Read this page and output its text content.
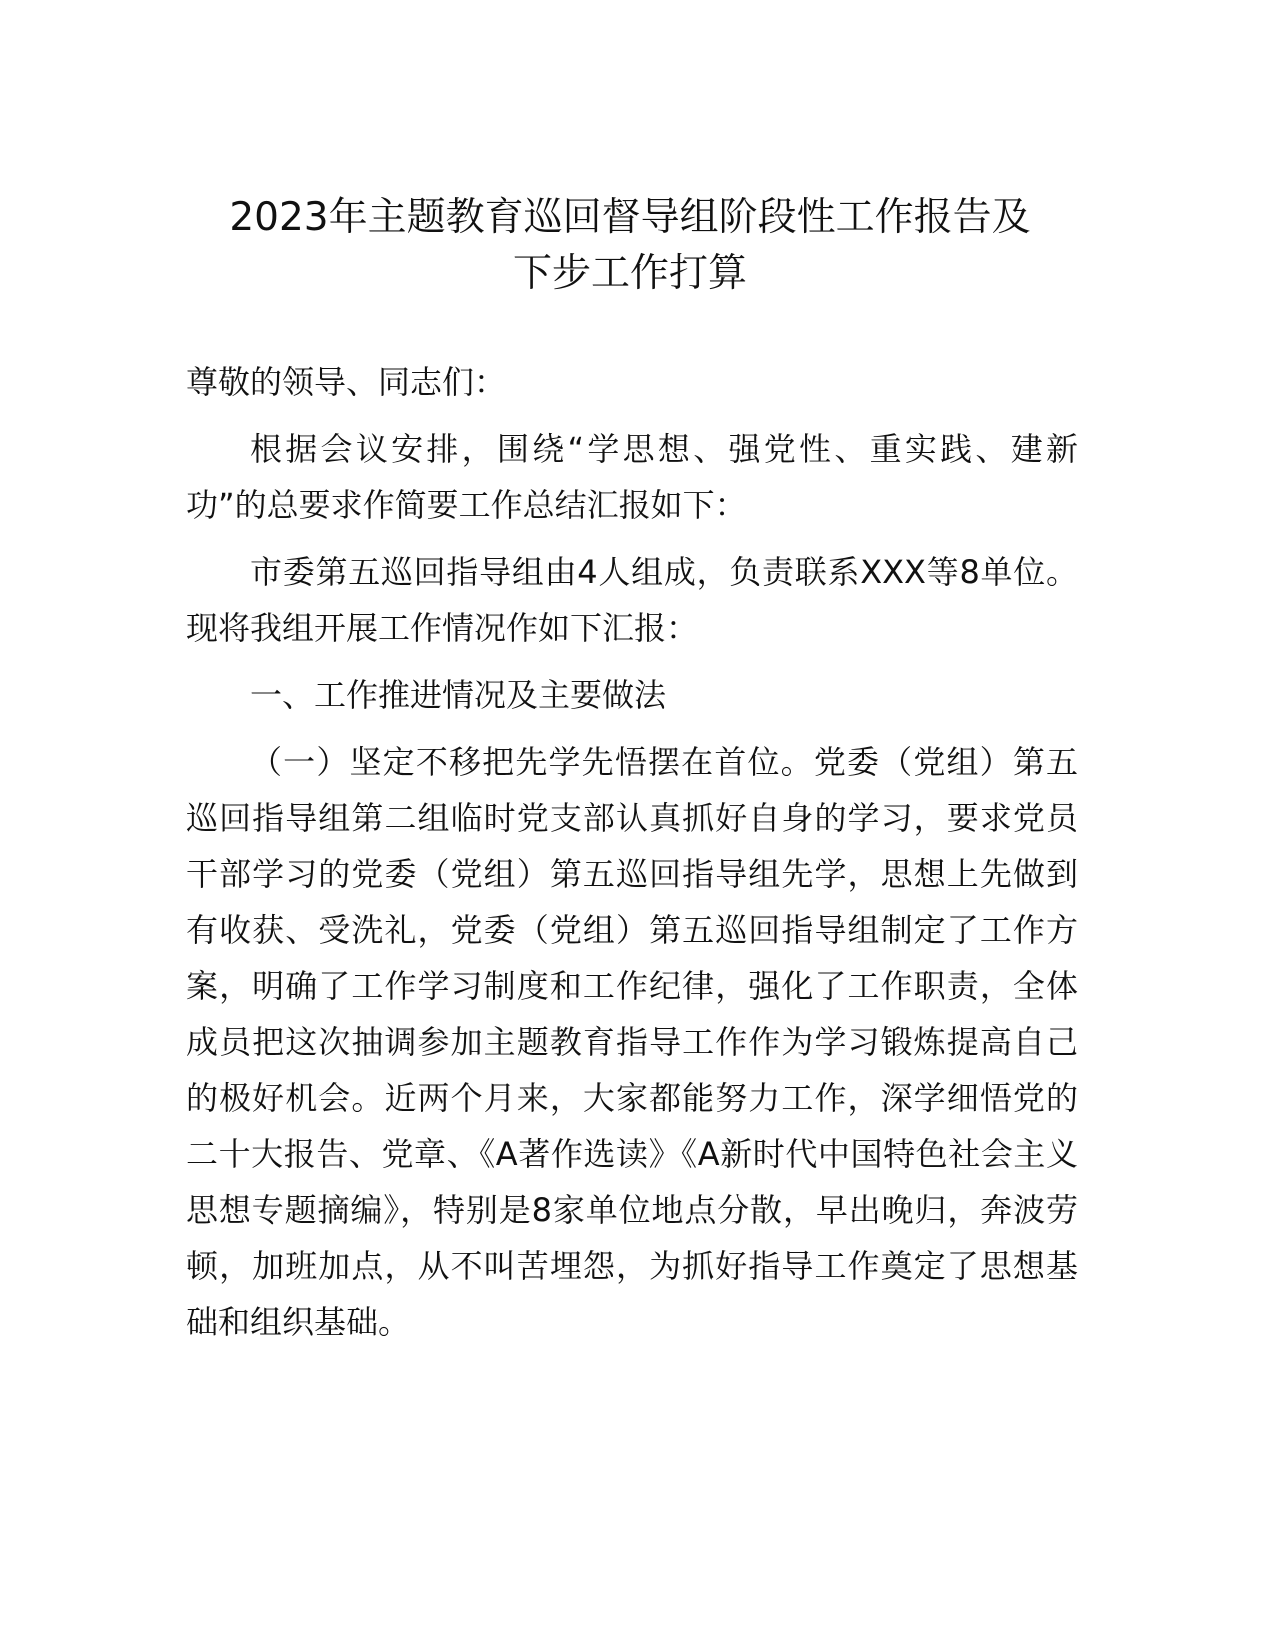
2023年主题教育巡回督导组阶段性工作报告及
下步工作打算

尊敬的领导、同志们：

根据会议安排，围绕“学思想、强党性、重实践、建新功”的总要求作简要工作总结汇报如下：

市委第五巡回指导组由4人组成，负责联系XXX等8单位。现将我组开展工作情况作如下汇报：

一、工作推进情况及主要做法

（一）坚定不移把先学先悟摆在首位。党委（党组）第五巡回指导组第二组临时党支部认真抓好自身的学习，要求党员干部学习的党委（党组）第五巡回指导组先学，思想上先做到有收获、受洗礼，党委（党组）第五巡回指导组制定了工作方案，明确了工作学习制度和工作纪律，强化了工作职责，全体成员把这次抽调参加主题教育指导工作作为学习锻炼提高自己的极好机会。近两个月来，大家都能努力工作，深学细悟党的二十大报告、党章、《A著作选读》《A新时代中国特色社会主义思想专题摘编》，特别是8家单位地点分散，早出晚归，奔波劳顿，加班加点，从不叫苦埋怨，为抓好指导工作奠定了思想基础和组织基础。
